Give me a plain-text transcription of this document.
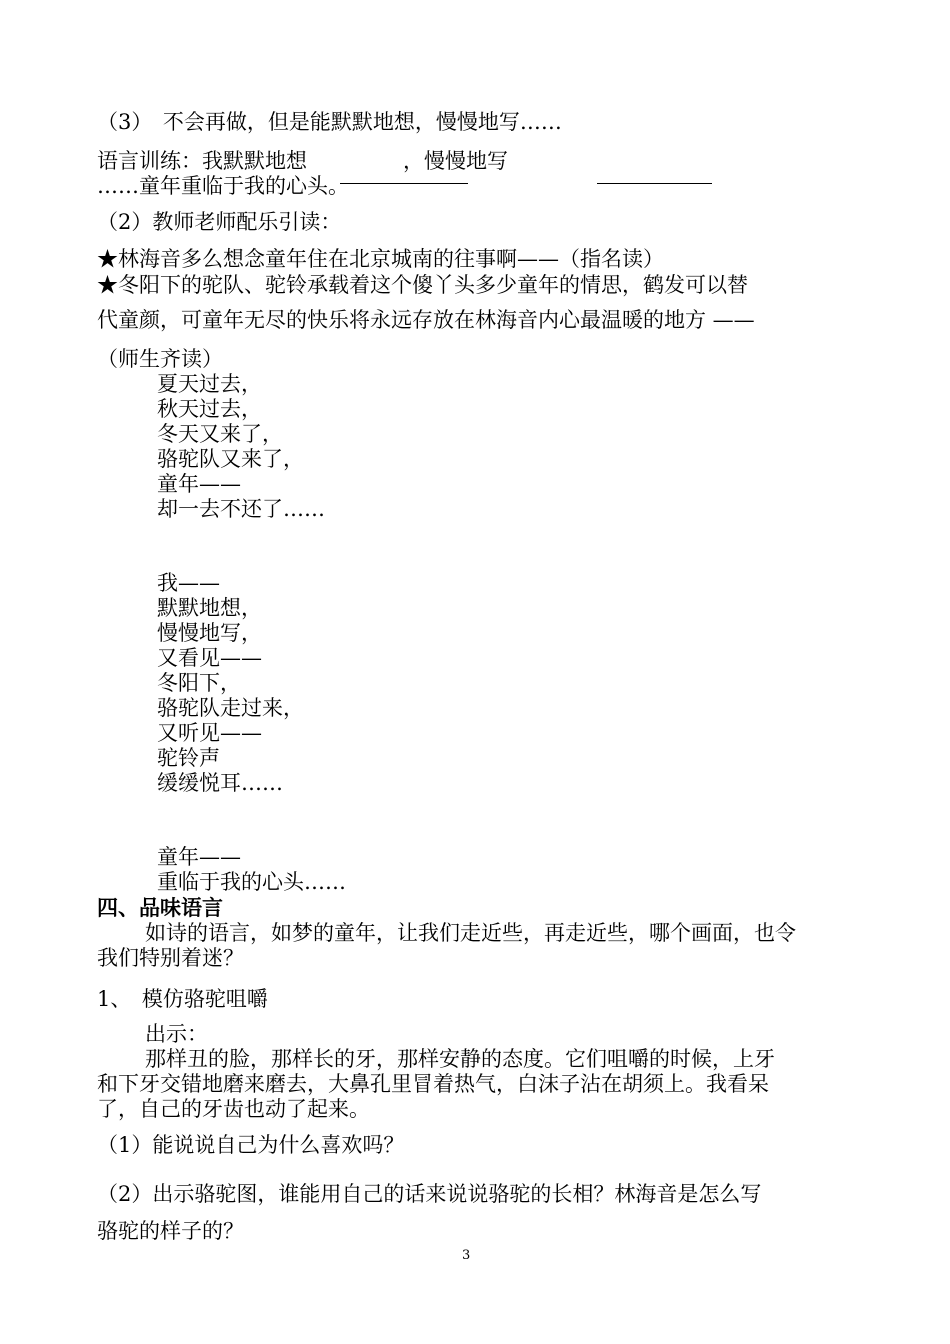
（3）　不会再做，但是能默默地想，慢慢地写……
语言训练：我默默地想	，慢慢地写
……童年重临于我的心头。
（2）教师老师配乐引读：
★林海音多么想念童年住在北京城南的往事啊——（指名读）
★冬阳下的驼队、驼铃承载着这个傻丫头多少童年的情思，鹤发可以替
代童颜，可童年无尽的快乐将永远存放在林海音内心最温暖的地方 ——
（师生齐读）
夏天过去，
秋天过去，
冬天又来了，
骆驼队又来了，
童年——
却一去不还了……
我——
默默地想，
慢慢地写，
又看见——
冬阳下，
骆驼队走过来，
又听见——
驼铃声
缓缓悦耳……
童年——
重临于我的心头……
四、品味语言
如诗的语言，如梦的童年，让我们走近些，再走近些，哪个画面，也令
我们特别着迷？
1、　模仿骆驼咀嚼
出示：
那样丑的脸，那样长的牙，那样安静的态度。它们咀嚼的时候，上牙
和下牙交错地磨来磨去，大鼻孔里冒着热气，白沫子沾在胡须上。我看呆
了，自己的牙齿也动了起来。
（1）能说说自己为什么喜欢吗？
（2）出示骆驼图，谁能用自己的话来说说骆驼的长相？林海音是怎么写
骆驼的样子的？
3
